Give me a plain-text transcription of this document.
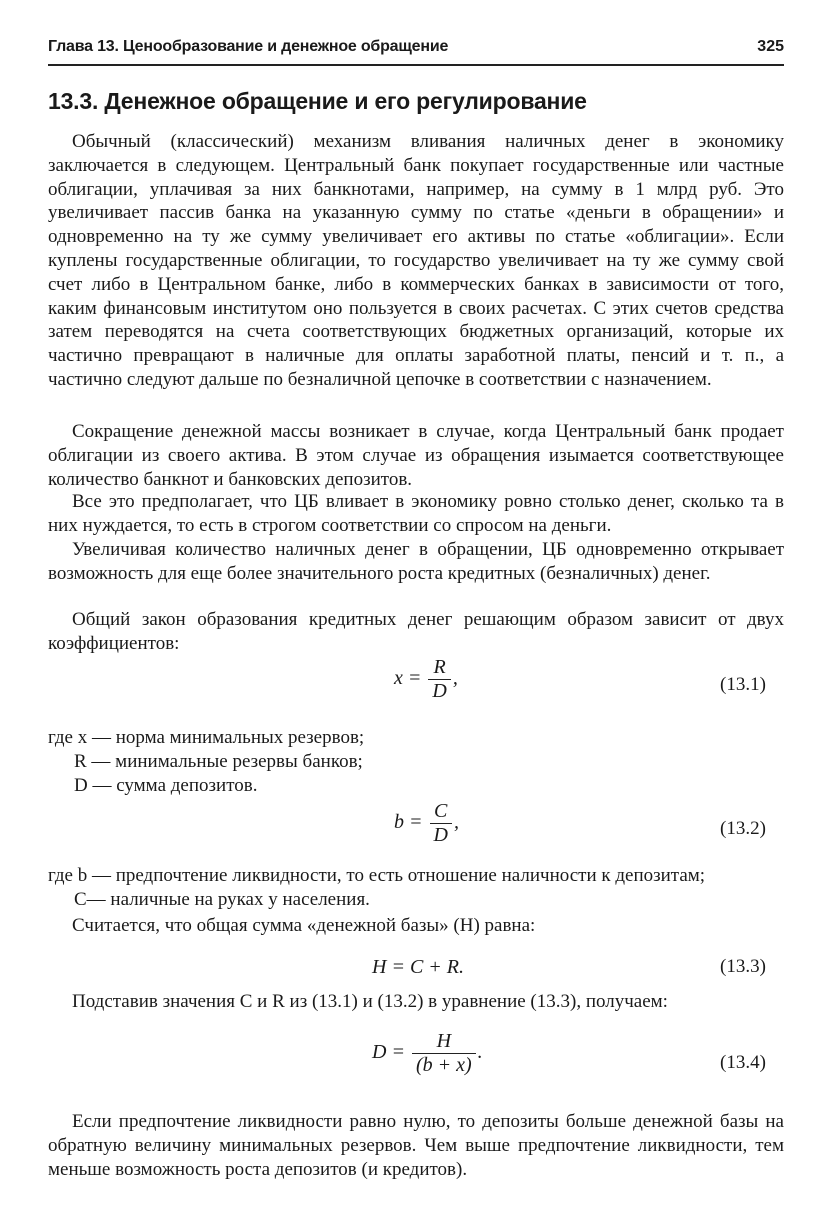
Глава 13. Ценообразование и денежное обращение	325
13.3. Денежное обращение и его регулирование
Обычный (классический) механизм вливания наличных денег в экономику заключается в следующем. Центральный банк покупает государственные или частные облигации, уплачивая за них банкнотами, например, на сумму в 1 млрд руб. Это увеличивает пассив банка на указанную сумму по статье «деньги в обращении» и одновременно на ту же сумму увеличивает его активы по статье «облигации». Если куплены государственные облигации, то государство увеличивает на ту же сумму свой счет либо в Центральном банке, либо в коммерческих банках в зависимости от того, каким финансовым институтом оно пользуется в своих расчетах. С этих счетов средства затем переводятся на счета соответствующих бюджетных организаций, которые их частично превращают в наличные для оплаты заработной платы, пенсий и т. п., а частично следуют дальше по безналичной цепочке в соответствии с назначением.
Сокращение денежной массы возникает в случае, когда Центральный банк продает облигации из своего актива. В этом случае из обращения изымается соответствующее количество банкнот и банковских депозитов.
Все это предполагает, что ЦБ вливает в экономику ровно столько денег, сколько та в них нуждается, то есть в строгом соответствии со спросом на деньги.
Увеличивая количество наличных денег в обращении, ЦБ одновременно открывает возможность для еще более значительного роста кредитных (безналичных) денег.
Общий закон образования кредитных денег решающим образом зависит от двух коэффициентов:
$x = \frac{R}{D}$ ,	(13.1)
где x — норма минимальных резервов;
R — минимальные резервы банков;
D — сумма депозитов.
$b = \frac{C}{D}$ ,	(13.2)
где b — предпочтение ликвидности, то есть отношение наличности к депозитам;
C— наличные на руках у населения.
Считается, что общая сумма «денежной базы» (H) равна:
H = C + R.	(13.3)
Подставив значения C и R из (13.1) и (13.2) в уравнение (13.3), получаем:
$D = \frac{H}{(b + x)}$ .	(13.4)
Если предпочтение ликвидности равно нулю, то депозиты больше денежной базы на обратную величину минимальных резервов. Чем выше предпочтение ликвидности, тем меньше возможность роста депозитов (и кредитов).
